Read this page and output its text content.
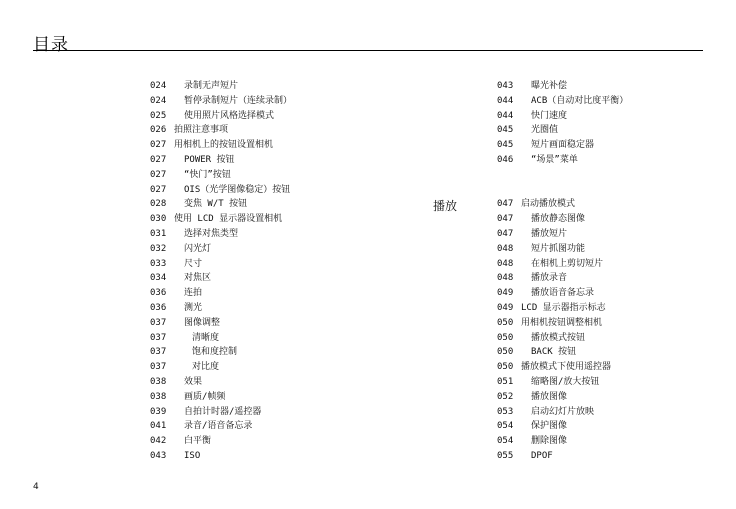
目录
024 录制无声短片
024 暂停录制短片（连续录制）
025 使用照片风格选择模式
026 拍照注意事项
027 用相机上的按钮设置相机
027 POWER 按钮
027 “快门”按钮
027 OIS（光学图像稳定）按钮
028 变焦 W/T 按钮
030 使用 LCD 显示器设置相机
031 选择对焦类型
032 闪光灯
033 尺寸
034 对焦区
036 连拍
036 测光
037 图像调整
037	清晰度
037	饱和度控制
037	对比度
038 效果
038 画质/帧频
039 自拍计时器/遥控器
041 录音/语音备忘录
042 白平衡
043 ISO
播放
043 曝光补偿
044 ACB（自动对比度平衡）
044 快门速度
045 光圈值
045 短片画面稳定器
046 “场景”菜单
047 启动播放模式
047 播放静态图像
047 播放短片
048 短片抓图功能
048 在相机上剪切短片
048 播放录音
049 播放语音备忘录
049 LCD 显示器指示标志
050 用相机按钮调整相机
050 播放模式按钮
050 BACK 按钮
050 播放模式下使用遥控器
051 缩略图/放大按钮
052 播放图像
053 启动幻灯片放映
054 保护图像
054 删除图像
055 DPOF
4
